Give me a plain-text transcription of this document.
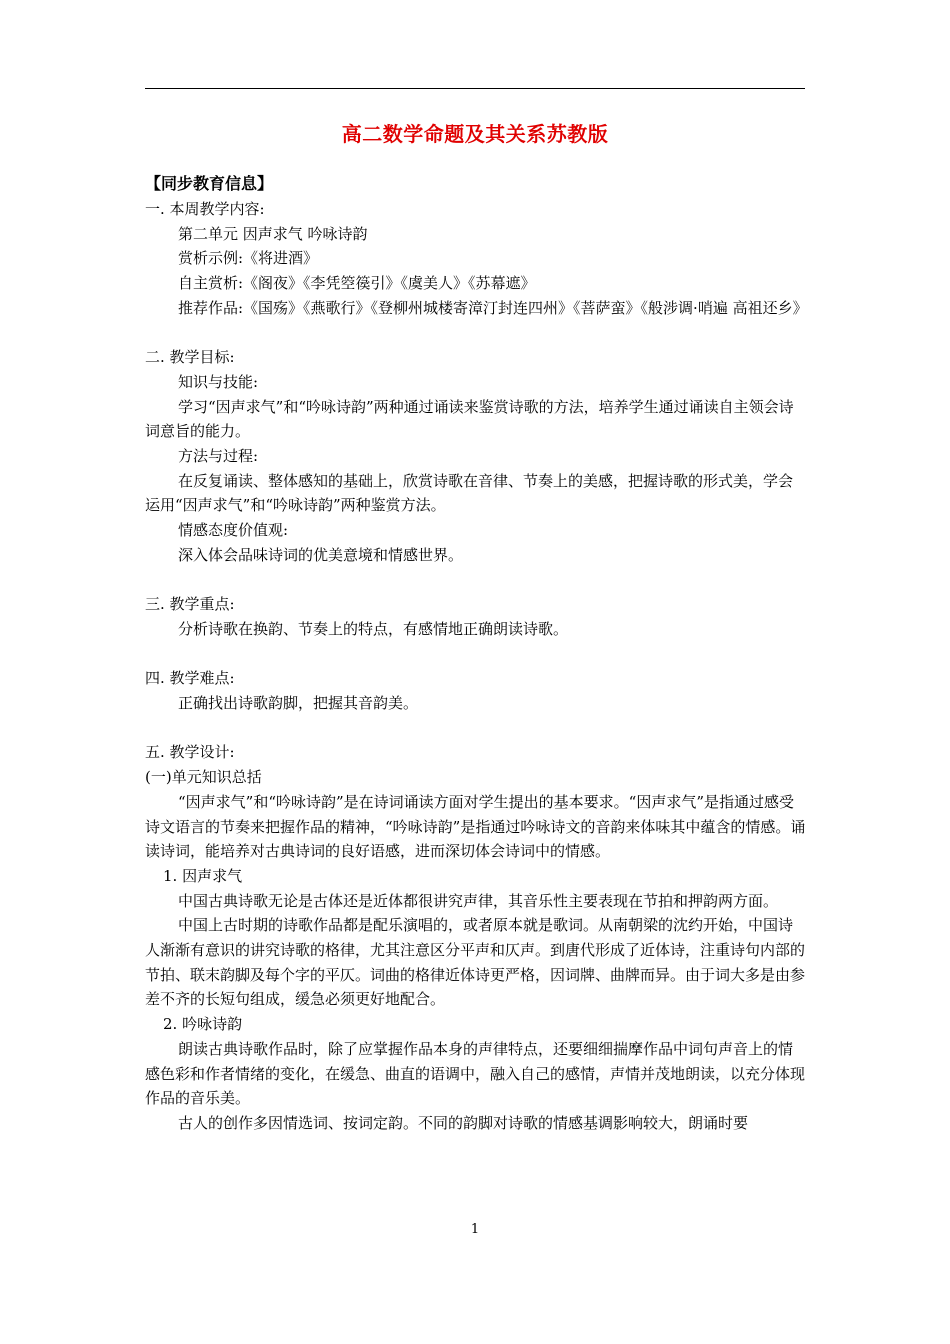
高二数学命题及其关系苏教版

【同步教育信息】

一. 本周教学内容:

第二单元 因声求气 吟咏诗韵

赏析示例:《将进酒》

自主赏析:《阁夜》《李凭箜篌引》《虞美人》《苏幕遮》

推荐作品:《国殇》《燕歌行》《登柳州城楼寄漳汀封连四州》《菩萨蛮》《般涉调·哨遍 高祖还乡》

二. 教学目标:

知识与技能:

学习“因声求气”和“吟咏诗韵”两种通过诵读来鉴赏诗歌的方法，培养学生通过诵读自主领会诗词意旨的能力。

方法与过程:

在反复诵读、整体感知的基础上，欣赏诗歌在音律、节奏上的美感，把握诗歌的形式美，学会运用“因声求气”和“吟咏诗韵”两种鉴赏方法。

情感态度价值观:

深入体会品味诗词的优美意境和情感世界。

三. 教学重点:

分析诗歌在换韵、节奏上的特点，有感情地正确朗读诗歌。

四. 教学难点:

正确找出诗歌韵脚，把握其音韵美。

五. 教学设计:

(一)单元知识总括

“因声求气”和“吟咏诗韵”是在诗词诵读方面对学生提出的基本要求。“因声求气”是指通过感受诗文语言的节奏来把握作品的精神，“吟咏诗韵”是指通过吟咏诗文的音韵来体味其中蕴含的情感。诵读诗词，能培养对古典诗词的良好语感，进而深切体会诗词中的情感。

1. 因声求气

中国古典诗歌无论是古体还是近体都很讲究声律，其音乐性主要表现在节拍和押韵两方面。

中国上古时期的诗歌作品都是配乐演唱的，或者原本就是歌词。从南朝梁的沈约开始，中国诗人渐渐有意识的讲究诗歌的格律，尤其注意区分平声和仄声。到唐代形成了近体诗，注重诗句内部的节拍、联末韵脚及每个字的平仄。词曲的格律近体诗更严格，因词牌、曲牌而异。由于词大多是由参差不齐的长短句组成，缓急必须更好地配合。

2. 吟咏诗韵

朗读古典诗歌作品时，除了应掌握作品本身的声律特点，还要细细揣摩作品中词句声音上的情感色彩和作者情绪的变化，在缓急、曲直的语调中，融入自己的感情，声情并茂地朗读，以充分体现作品的音乐美。

古人的创作多因情选词、按词定韵。不同的韵脚对诗歌的情感基调影响较大，朗诵时要

1
